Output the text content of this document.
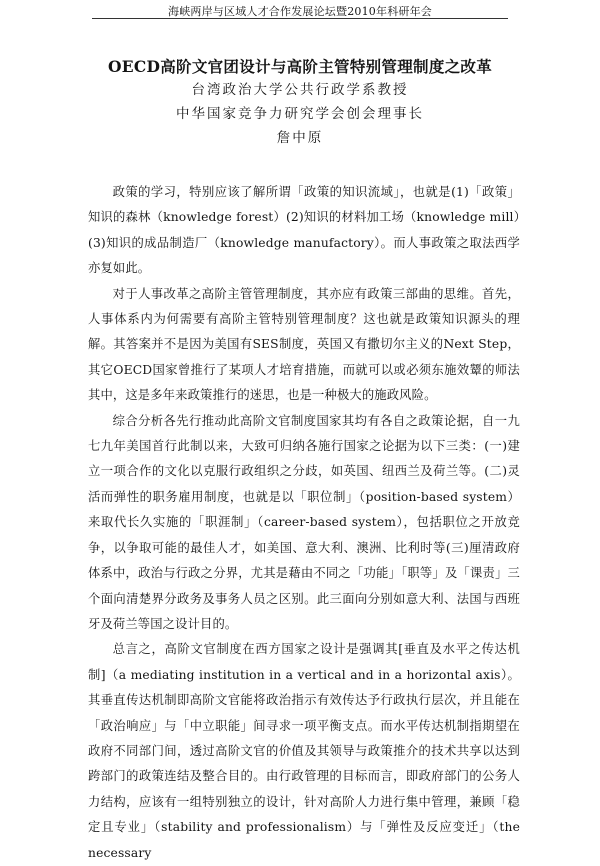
海峡两岸与区域人才合作发展论坛暨2010年科研年会

OECD高阶文官团设计与高阶主管特别管理制度之改革

台湾政治大学公共行政学系教授

中华国家竞争力研究学会创会理事长

詹中原

政策的学习，特别应该了解所谓「政策的知识流域」，也就是(1)「政策」知识的森林（knowledge forest）(2)知识的材料加工场（knowledge mill）(3)知识的成品制造厂（knowledge manufactory）。而人事政策之取法西学亦复如此。

对于人事改革之高阶主管管理制度，其亦应有政策三部曲的思维。首先，人事体系内为何需要有高阶主管特别管理制度？这也就是政策知识源头的理解。其答案并不是因为美国有SES制度，英国又有撒切尔主义的Next Step，其它OECD国家曾推行了某项人才培育措施，而就可以或必须东施效颦的师法其中，这是多年来政策推行的迷思，也是一种极大的施政风险。

综合分析各先行推动此高阶文官制度国家其均有各自之政策论据，自一九七九年美国首行此制以来，大致可归纳各施行国家之论据为以下三类：(一)建立一项合作的文化以克服行政组织之分歧，如英国、纽西兰及荷兰等。(二)灵活而弹性的职务雇用制度，也就是以「职位制」（position-based system）来取代长久实施的「职涯制」（career-based system），包括职位之开放竞争，以争取可能的最佳人才，如美国、意大利、澳洲、比利时等(三)厘清政府体系中，政治与行政之分界，尤其是藉由不同之「功能」「职等」及「课责」三个面向清楚界分政务及事务人员之区别。此三面向分别如意大利、法国与西班牙及荷兰等国之设计目的。

总言之，高阶文官制度在西方国家之设计是强调其[垂直及水平之传达机制]（a mediating institution in a vertical and in a horizontal axis）。其垂直传达机制即高阶文官能将政治指示有效传达予行政执行层次，并且能在「政治响应」与「中立职能」间寻求一项平衡支点。而水平传达机制指期望在政府不同部门间，透过高阶文官的价值及其领导与政策推介的技术共享以达到跨部门的政策连结及整合目的。由行政管理的目标而言，即政府部门的公务人力结构，应该有一组特别独立的设计，针对高阶人力进行集中管理，兼顾「稳定且专业」（stability and professionalism）与「弹性及反应变迁」（the necessary
